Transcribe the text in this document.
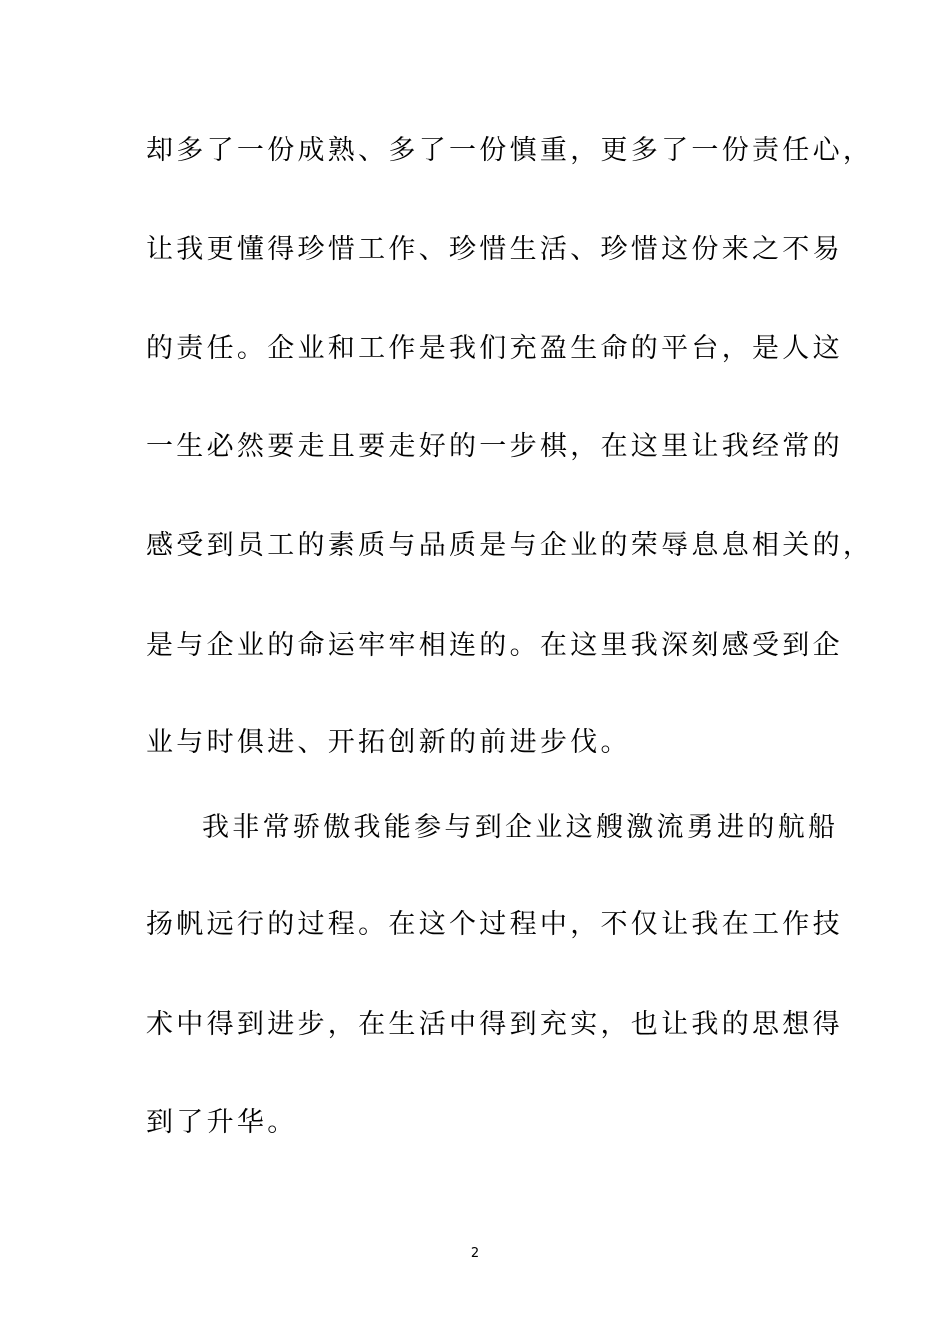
却多了一份成熟、多了一份慎重，更多了一份责任心，
让我更懂得珍惜工作、珍惜生活、珍惜这份来之不易
的责任。企业和工作是我们充盈生命的平台，是人这
一生必然要走且要走好的一步棋，在这里让我经常的
感受到员工的素质与品质是与企业的荣辱息息相关的，
是与企业的命运牢牢相连的。在这里我深刻感受到企
业与时俱进、开拓创新的前进步伐。
我非常骄傲我能参与到企业这艘激流勇进的航船
扬帆远行的过程。在这个过程中，不仅让我在工作技
术中得到进步，在生活中得到充实，也让我的思想得
到了升华。
2
